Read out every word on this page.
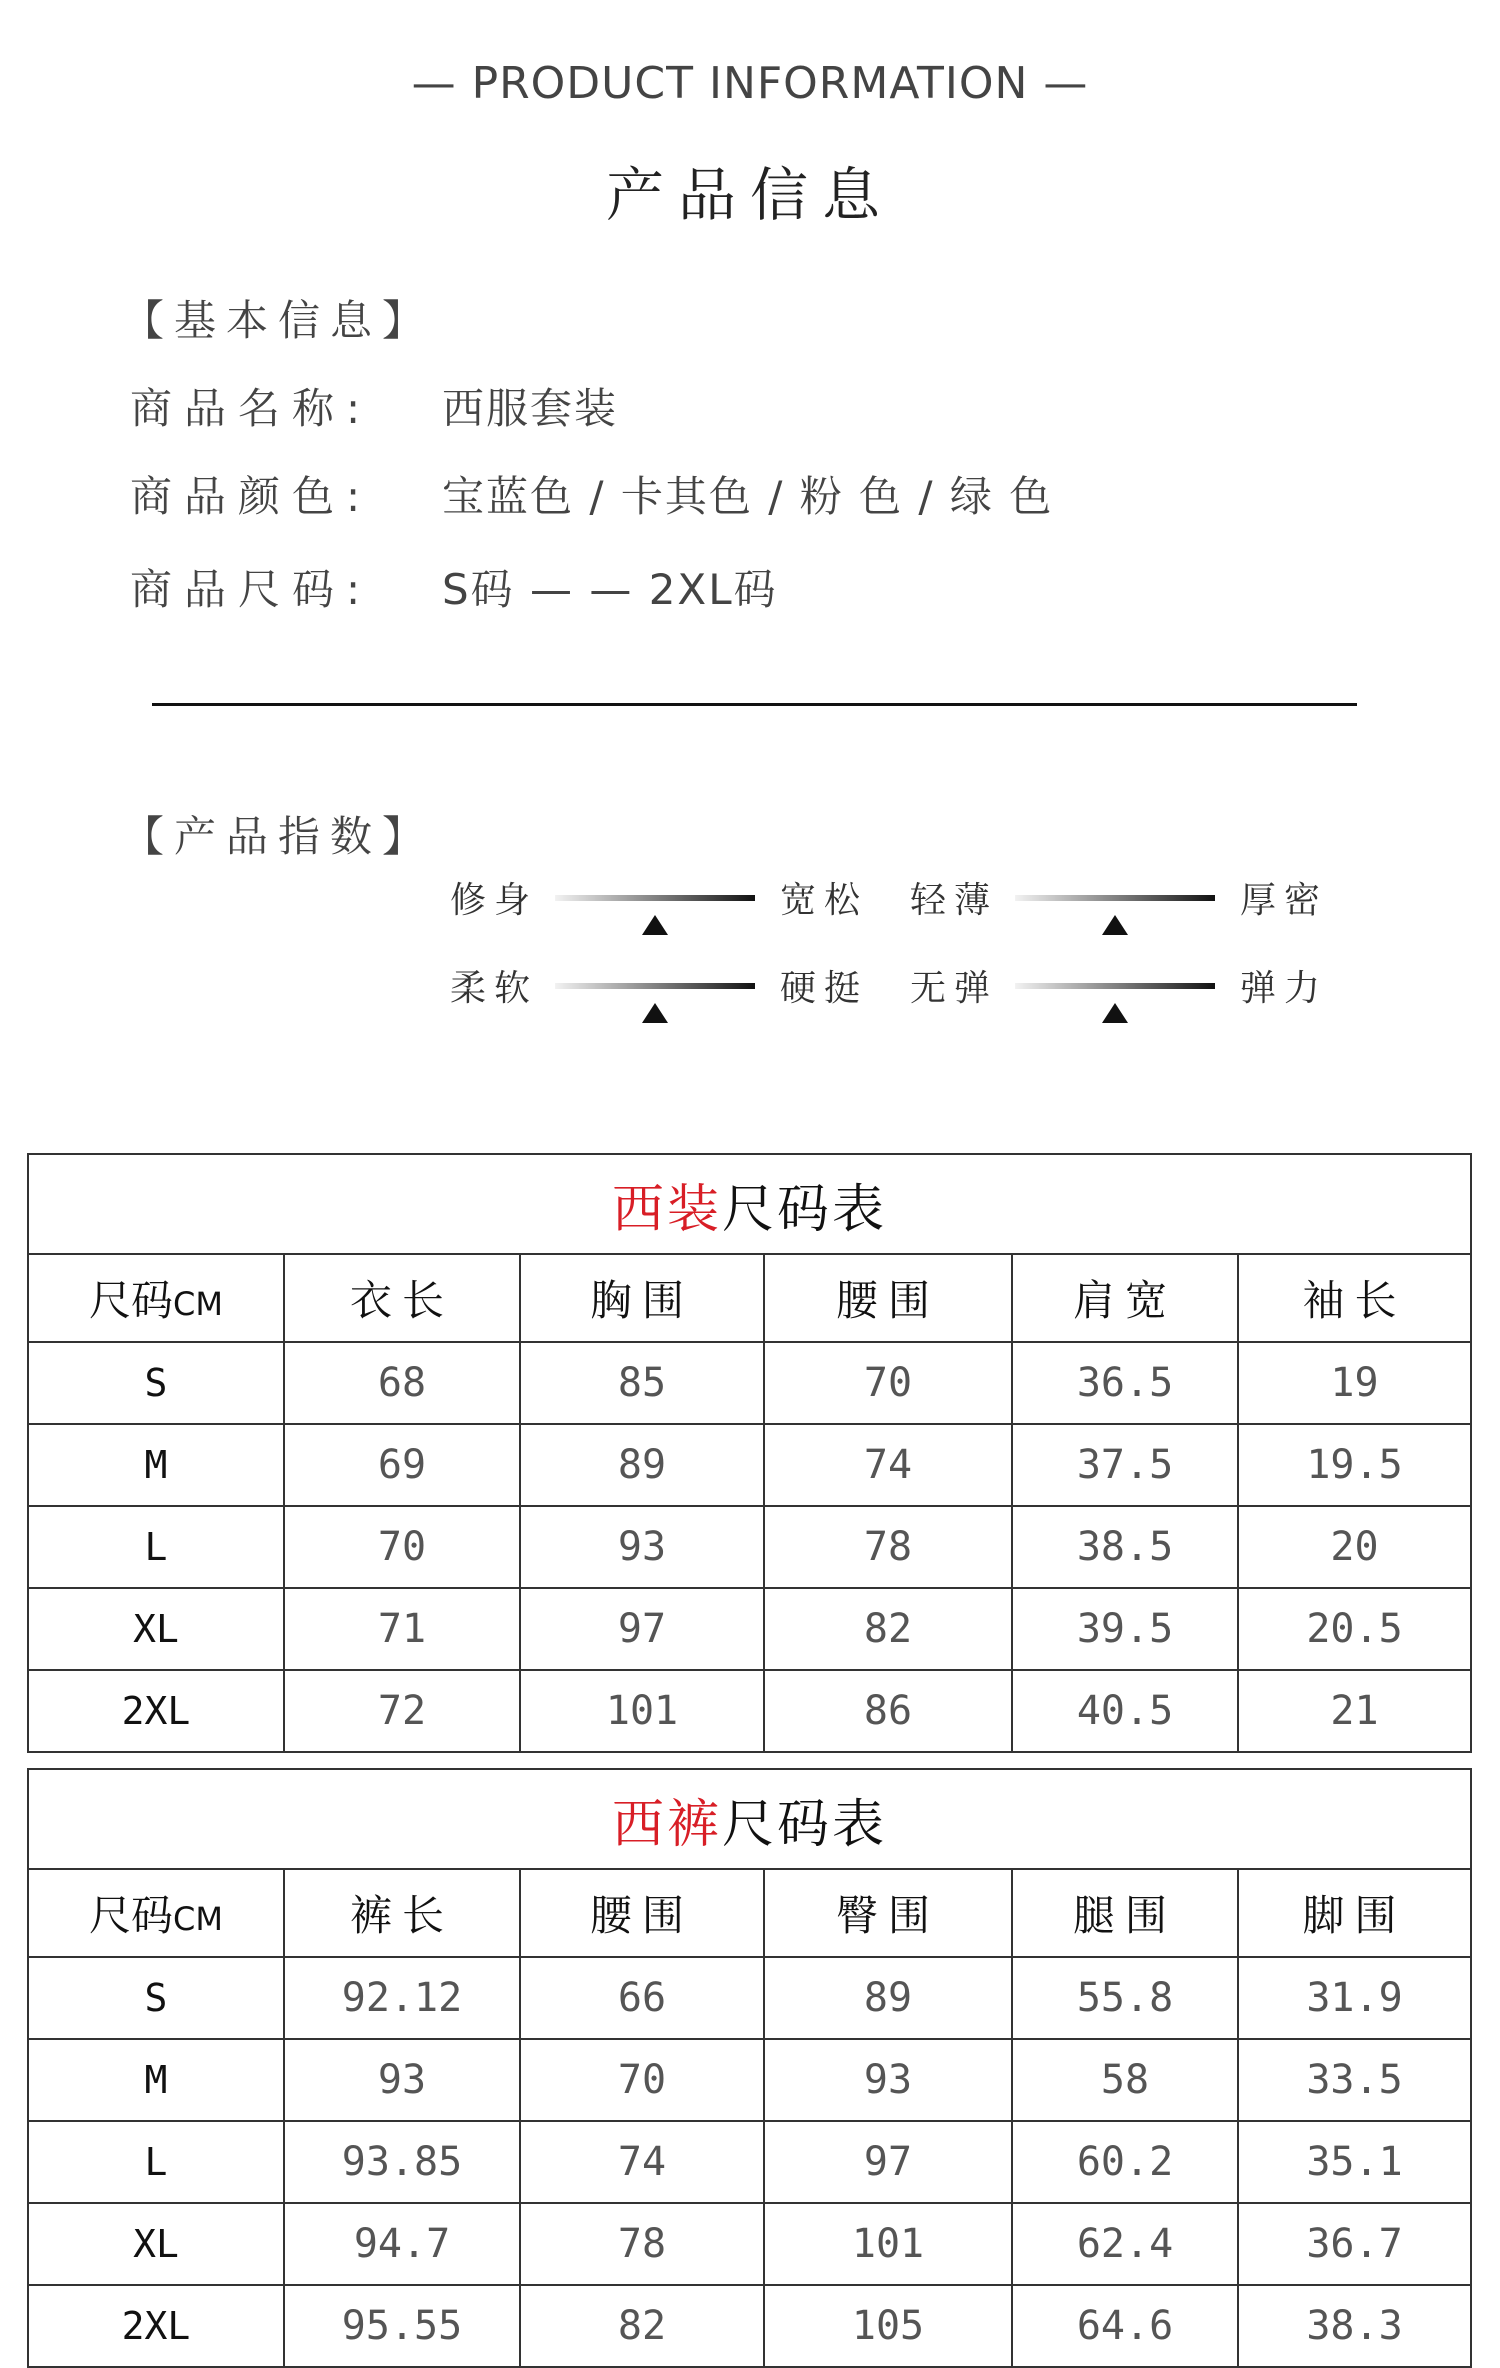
— PRODUCT INFORMATION —
产品信息
【基本信息】
商品名称:	西服套装
商品颜色:	宝蓝色 / 卡其色 / 粉 色 / 绿 色
商品尺码:	S码 — — 2XL码
【产品指数】
修身	宽松 轻薄	厚密
柔软	硬挺 无弹	弹力
西装尺码表					
尺码CM	衣长	胸围	腰围	肩宽	袖长
S	68	85	70	36.5	19
M	69	89	74	37.5	19.5
L	70	93	78	38.5	20
XL	71	97	82	39.5	20.5
2XL	72	101	86	40.5	21
西裤尺码表					
尺码CM	裤长	腰围	臀围	腿围	脚围
S	92.12	66	89	55.8	31.9
M	93	70	93	58	33.5
L	93.85	74	97	60.2	35.1
XL	94.7	78	101	62.4	36.7
2XL	95.55	82	105	64.6	38.3
